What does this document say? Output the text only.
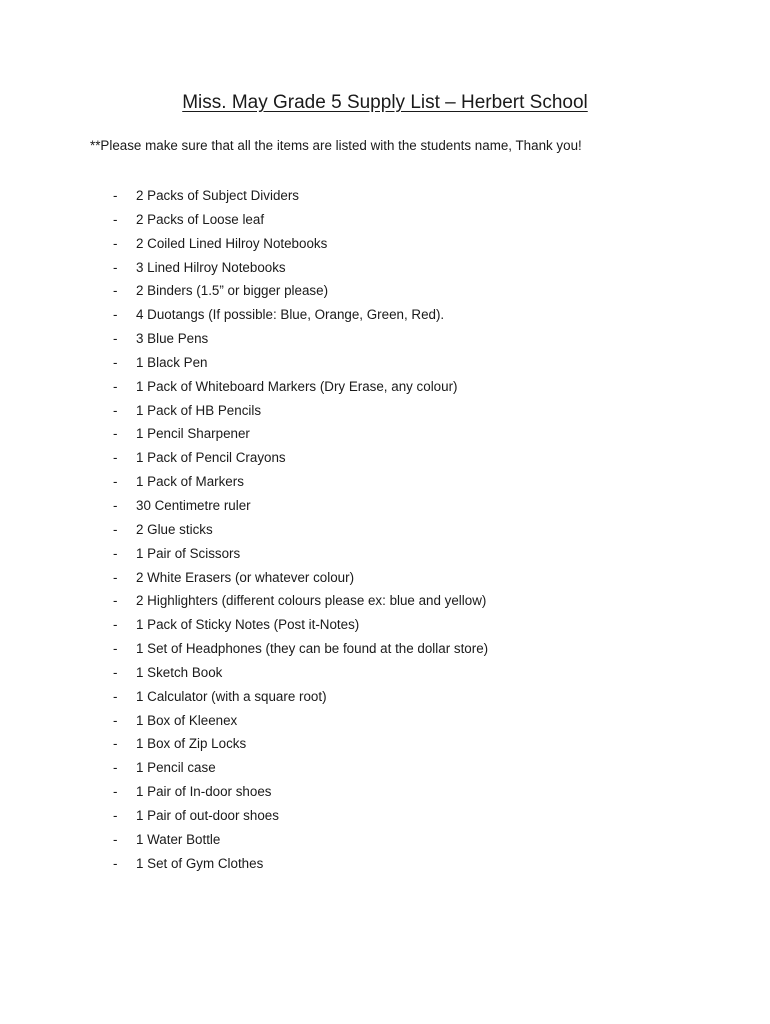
Miss. May Grade 5 Supply List – Herbert School
**Please make sure that all the items are listed with the students name, Thank you!
- 2 Packs of Subject Dividers
- 2 Packs of Loose leaf
- 2 Coiled Lined Hilroy Notebooks
- 3 Lined Hilroy Notebooks
- 2 Binders (1.5” or bigger please)
- 4 Duotangs (If possible: Blue, Orange, Green, Red).
- 3 Blue Pens
- 1 Black Pen
- 1 Pack of Whiteboard Markers (Dry Erase, any colour)
- 1 Pack of HB Pencils
- 1 Pencil Sharpener
- 1 Pack of Pencil Crayons
- 1 Pack of Markers
- 30 Centimetre ruler
- 2 Glue sticks
- 1 Pair of Scissors
- 2 White Erasers (or whatever colour)
- 2 Highlighters (different colours please ex: blue and yellow)
- 1 Pack of Sticky Notes (Post it-Notes)
- 1 Set of Headphones (they can be found at the dollar store)
- 1 Sketch Book
- 1 Calculator (with a square root)
- 1 Box of Kleenex
- 1 Box of Zip Locks
- 1 Pencil case
- 1 Pair of In-door shoes
- 1 Pair of out-door shoes
- 1 Water Bottle
- 1 Set of Gym Clothes
